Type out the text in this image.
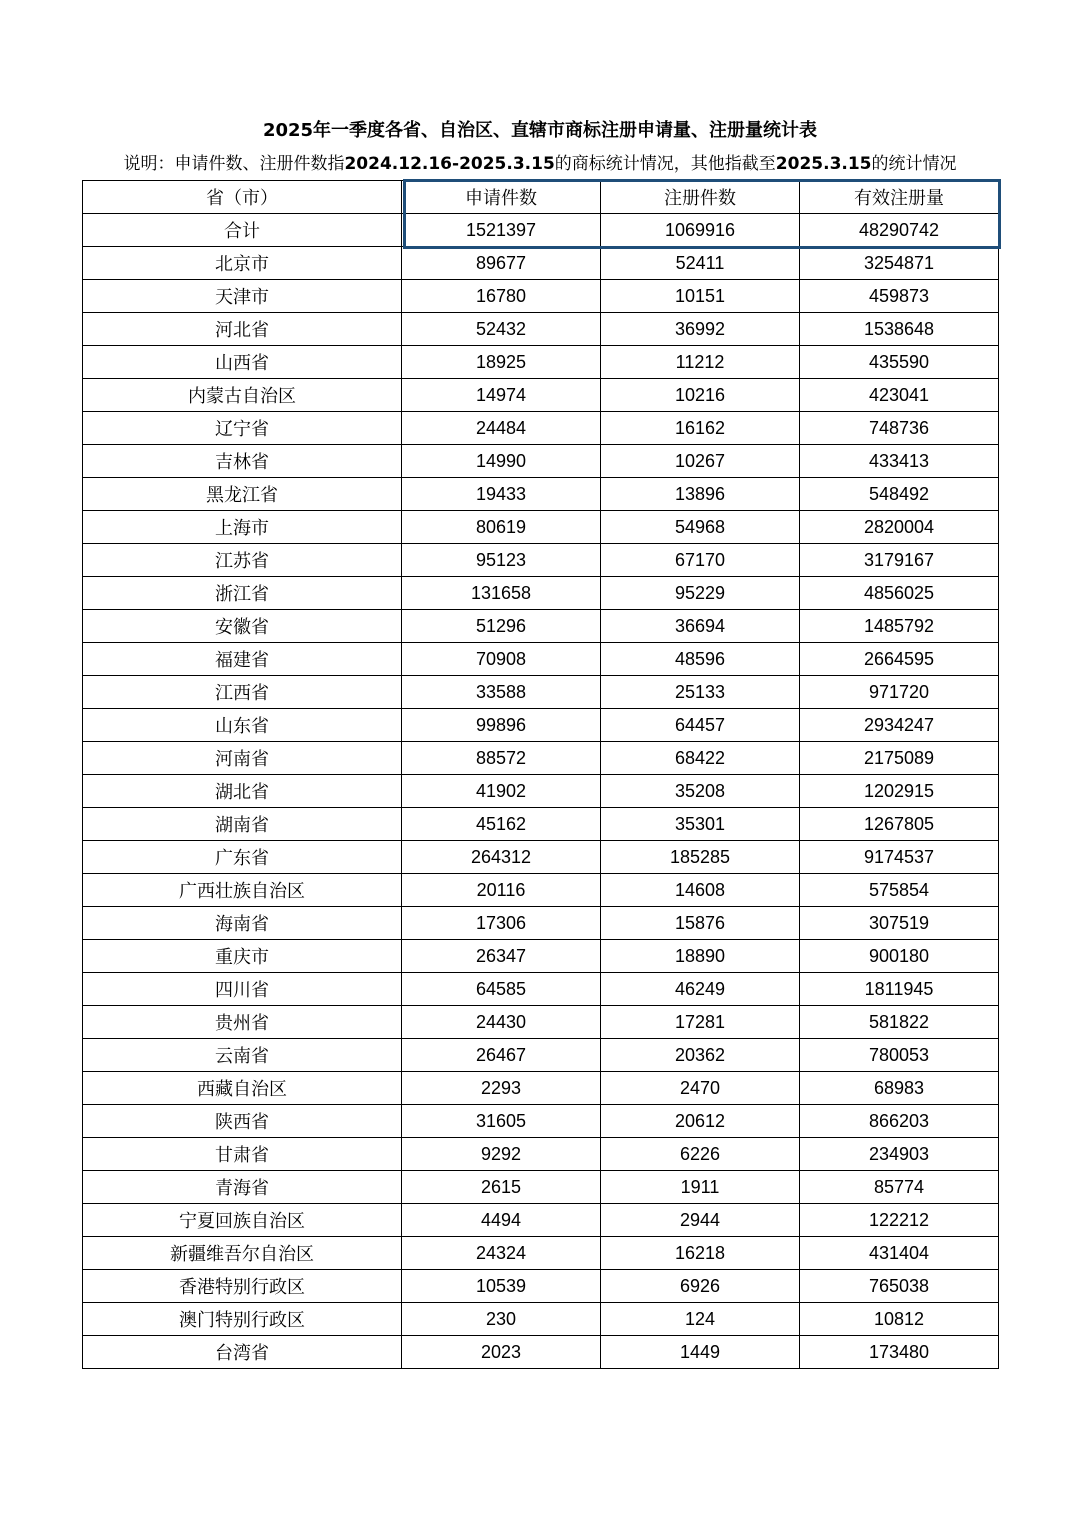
2025年一季度各省、自治区、直辖市商标注册申请量、注册量统计表
说明：申请件数、注册件数指2024.12.16-2025.3.15的商标统计情况，其他指截至2025.3.15的统计情况
省（市）	申请件数	注册件数	有效注册量
合计	1521397	1069916	48290742
北京市	89677	52411	3254871
天津市	16780	10151	459873
河北省	52432	36992	1538648
山西省	18925	11212	435590
内蒙古自治区	14974	10216	423041
辽宁省	24484	16162	748736
吉林省	14990	10267	433413
黑龙江省	19433	13896	548492
上海市	80619	54968	2820004
江苏省	95123	67170	3179167
浙江省	131658	95229	4856025
安徽省	51296	36694	1485792
福建省	70908	48596	2664595
江西省	33588	25133	971720
山东省	99896	64457	2934247
河南省	88572	68422	2175089
湖北省	41902	35208	1202915
湖南省	45162	35301	1267805
广东省	264312	185285	9174537
广西壮族自治区	20116	14608	575854
海南省	17306	15876	307519
重庆市	26347	18890	900180
四川省	64585	46249	1811945
贵州省	24430	17281	581822
云南省	26467	20362	780053
西藏自治区	2293	2470	68983
陕西省	31605	20612	866203
甘肃省	9292	6226	234903
青海省	2615	1911	85774
宁夏回族自治区	4494	2944	122212
新疆维吾尔自治区	24324	16218	431404
香港特别行政区	10539	6926	765038
澳门特别行政区	230	124	10812
台湾省	2023	1449	173480
